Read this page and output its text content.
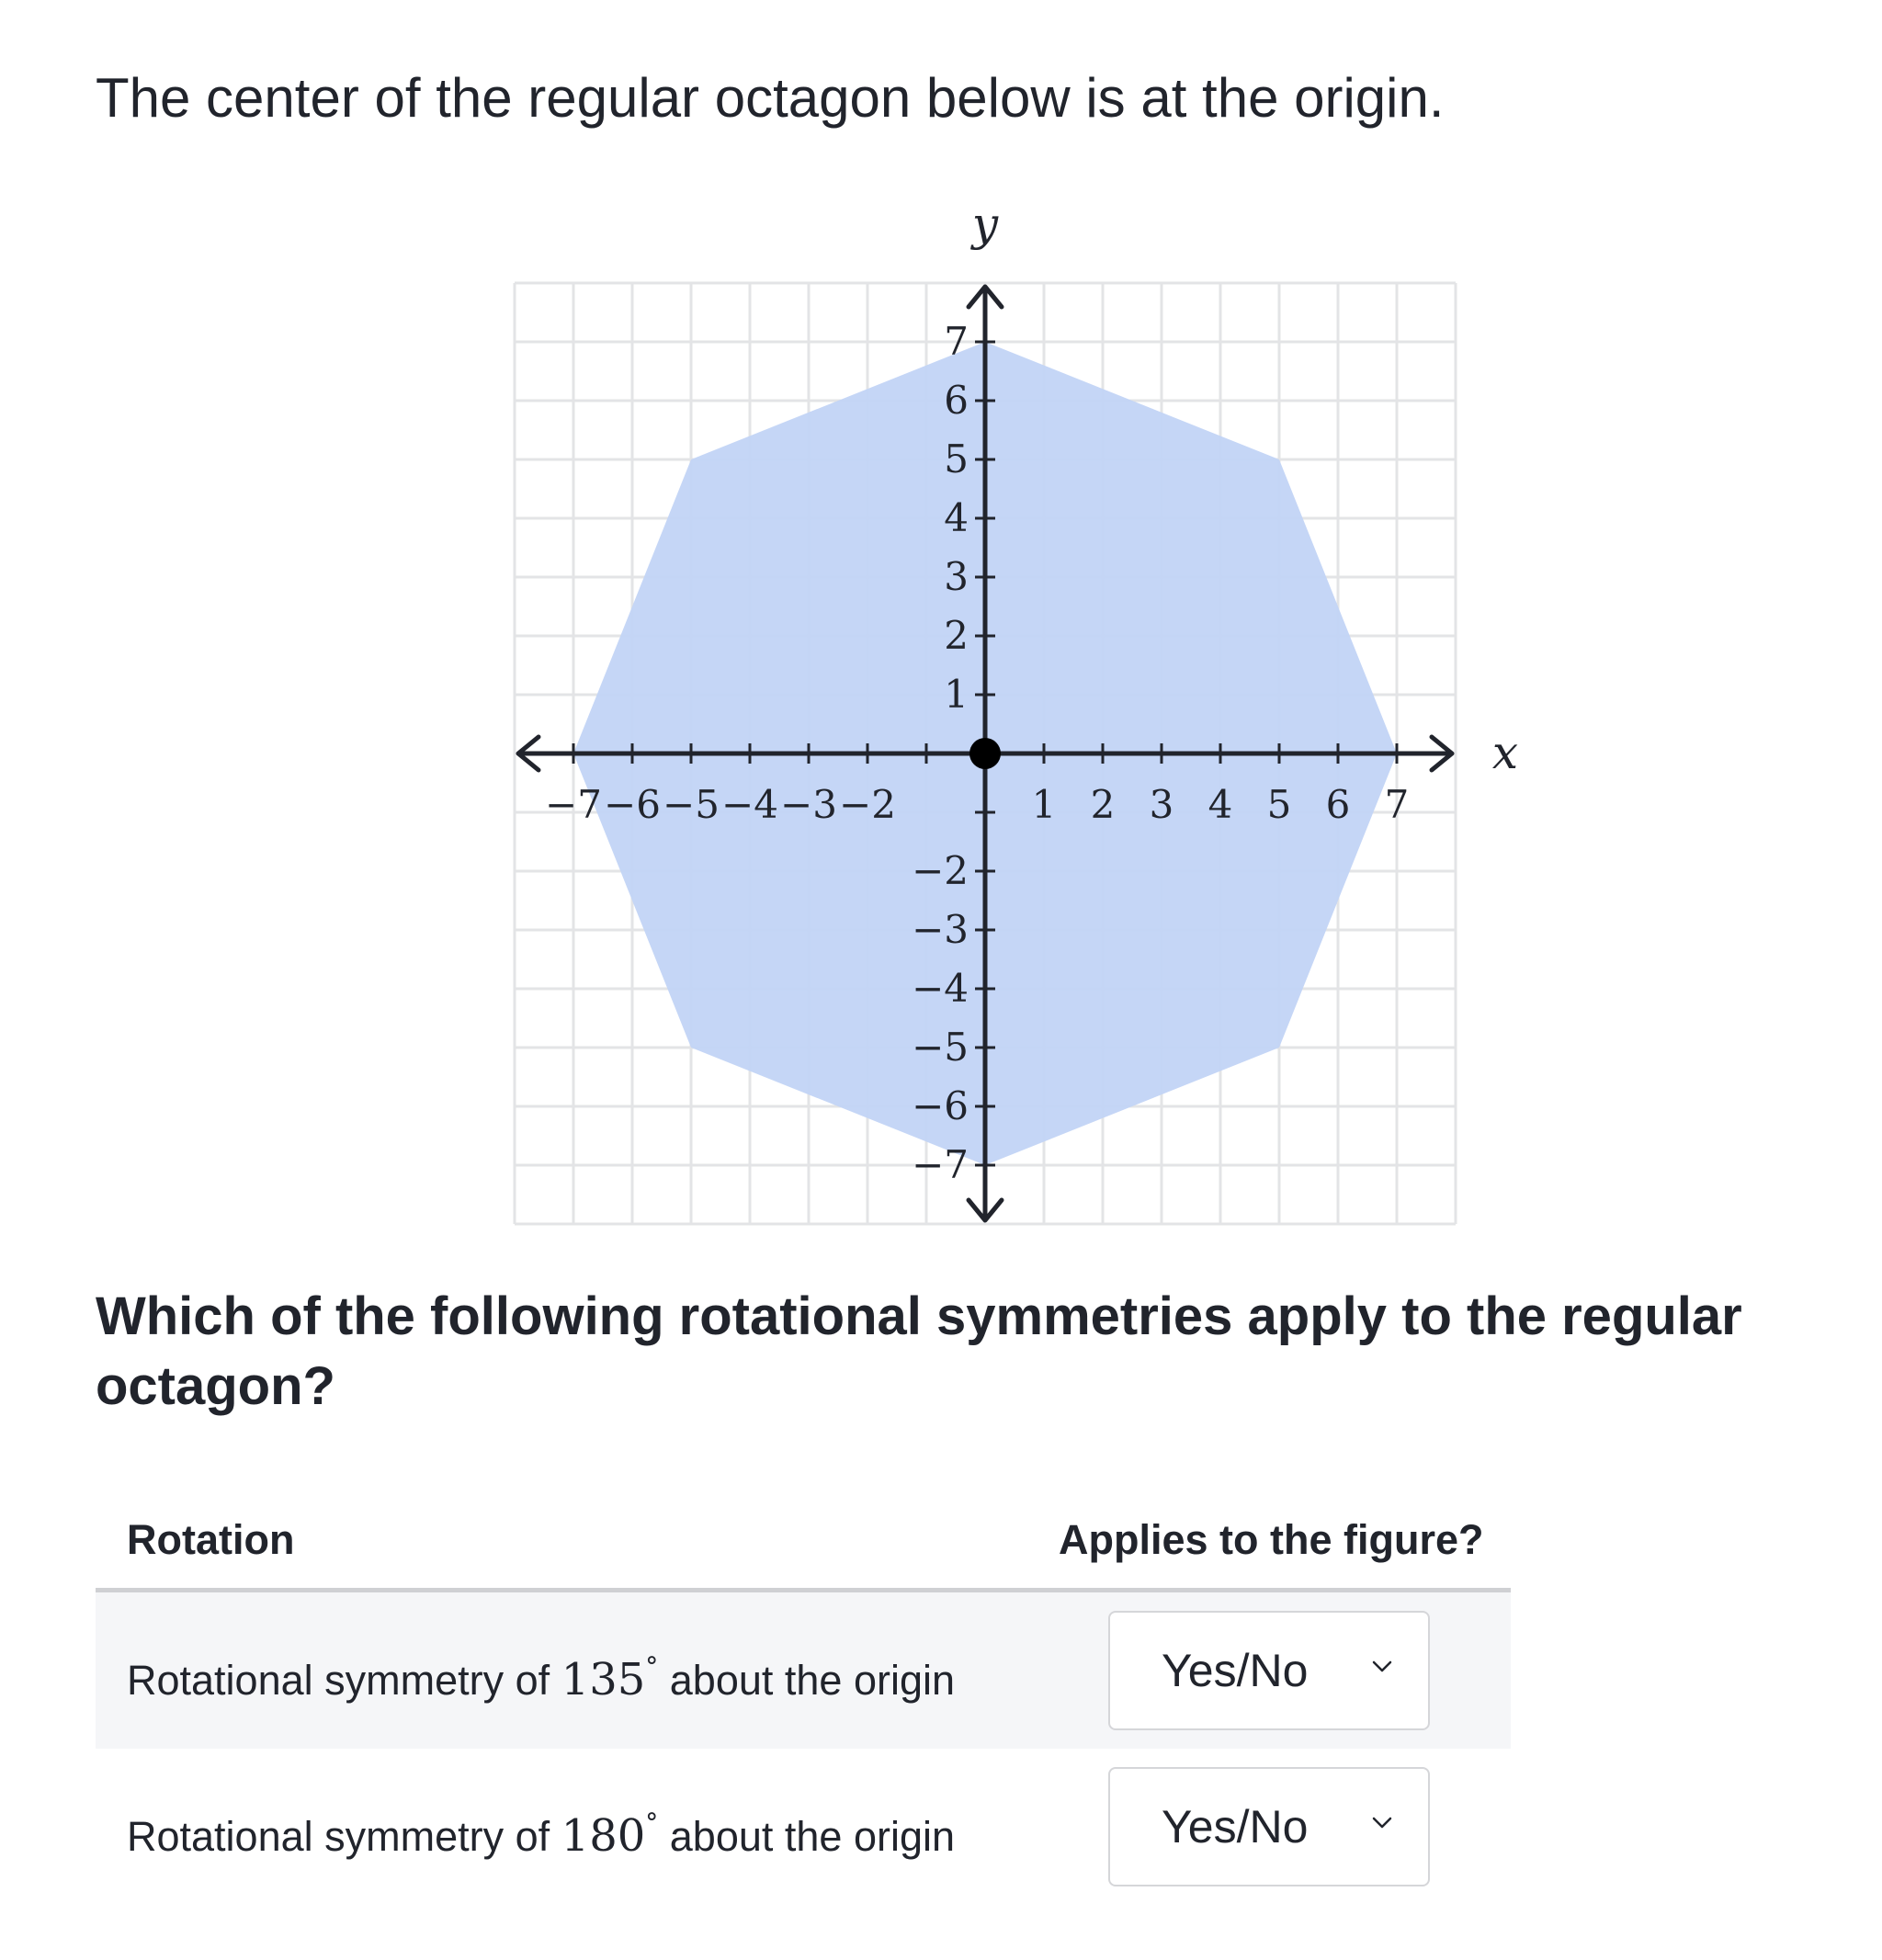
The center of the regular octagon below is at the origin.

−7 −6 −5 −4 −3 −2	1 2 3 4 5 6 7
7
6
5
4
3
2
1
−2
−3
−4
−5
−6
−7
x
y

Which of the following rotational symmetries apply to the regular octagon?

Rotation	Applies to the figure?
Rotational symmetry of 135° about the origin	Yes/No
Rotational symmetry of 180° about the origin	Yes/No
